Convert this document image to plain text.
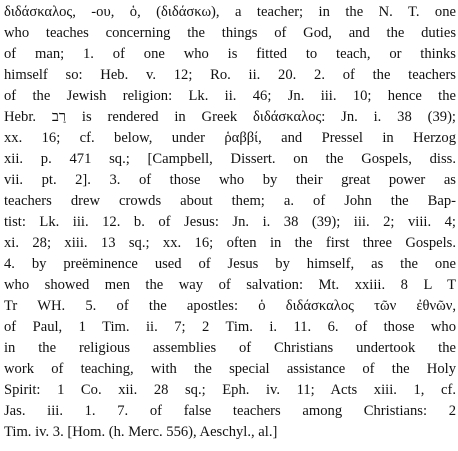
διδάσκαλος, -ου, ὁ, (διδάσκω), a teacher; in the N. T. one
who teaches concerning the things of God, and the duties
of man; 1. of one who is fitted to teach, or thinks
himself so: Heb. v. 12; Ro. ii. 20. 2. of the teachers
of the Jewish religion: Lk. ii. 46; Jn. iii. 10; hence the
Hebr. רַב is rendered in Greek διδάσκαλος: Jn. i. 38 (39);
xx. 16; cf. below, under ῥαββί, and Pressel in Herzog
xii. p. 471 sq.; [Campbell, Dissert. on the Gospels, diss.
vii. pt. 2]. 3. of those who by their great power as
teachers drew crowds about them; a. of John the Bap-
tist: Lk. iii. 12. b. of Jesus: Jn. i. 38 (39); iii. 2; viii. 4;
xi. 28; xiii. 13 sq.; xx. 16; often in the first three Gospels.
4. by preëminence used of Jesus by himself, as the one
who showed men the way of salvation: Mt. xxiii. 8 L T
Tr WH. 5. of the apostles: ὁ διδάσκαλος τῶν ἐθνῶν,
of Paul, 1 Tim. ii. 7; 2 Tim. i. 11. 6. of those who
in the religious assemblies of Christians undertook the
work of teaching, with the special assistance of the Holy
Spirit: 1 Co. xii. 28 sq.; Eph. iv. 11; Acts xiii. 1, cf.
Jas. iii. 1. 7. of false teachers among Christians: 2
Tim. iv. 3. [Hom. (h. Merc. 556), Aeschyl., al.]
